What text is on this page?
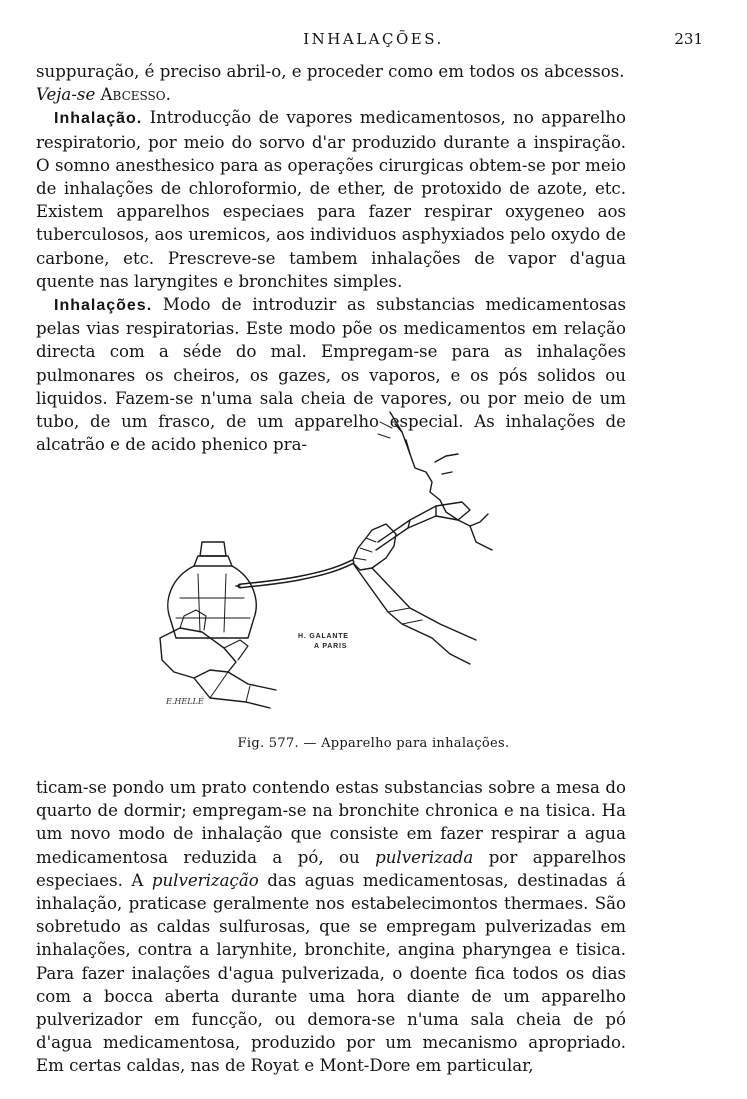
INHALAÇÕES.	231

suppuração, é preciso abril-o, e proceder como em todos os abcessos.
Veja-se Abcesso.

Inhalação. Introducção de vapores medicamentosos, no apparelho respiratorio, por meio do sorvo d'ar produzido durante a inspiração. O somno anesthesico para as operações cirurgicas obtem-se por meio de inhalações de chloroformio, de ether, de protoxido de azote, etc. Existem apparelhos especiaes para fazer respirar oxygeneo aos tuberculosos, aos uremicos, aos individuos asphyxiados pelo oxydo de carbone, etc. Prescreve-se tambem inhalações de vapor d'agua quente nas laryngites e bronchites simples.

Inhalações. Modo de introduzir as substancias medicamentosas pelas vias respiratorias. Este modo põe os medicamentos em relação directa com a séde do mal. Empregam-se para as inhalações pulmonares os cheiros, os gazes, os vaporos, e os pós solidos ou liquidos. Fazem-se n'uma sala cheia de vapores, ou por meio de um tubo, de um frasco, de um apparelho especial. As inhalações de alcatrão e de acido phenico pra-

H. GALANTE
A PARIS
E.HELLÉ
Fig. 577. — Apparelho para inhalações.

ticam-se pondo um prato contendo estas substancias sobre a mesa do quarto de dormir; empregam-se na bronchite chronica e na tisica. Ha um novo modo de inhalação que consiste em fazer respirar a agua medicamentosa reduzida a pó, ou pulverizada por apparelhos especiaes. A pulverização das aguas medicamentosas, destinadas á inhalação, praticase geralmente nos estabelecimontos thermaes. São sobretudo as caldas sulfurosas, que se empregam pulverizadas em inhalações, contra a larynhite, bronchite, angina pharyngea e tisica. Para fazer inalações d'agua pulverizada, o doente fica todos os dias com a bocca aberta durante uma hora diante de um apparelho pulverizador em funcção, ou demora-se n'uma sala cheia de pó d'agua medicamentosa, produzido por um mecanismo apropriado. Em certas caldas, nas de Royat e Mont-Dore em particular,
